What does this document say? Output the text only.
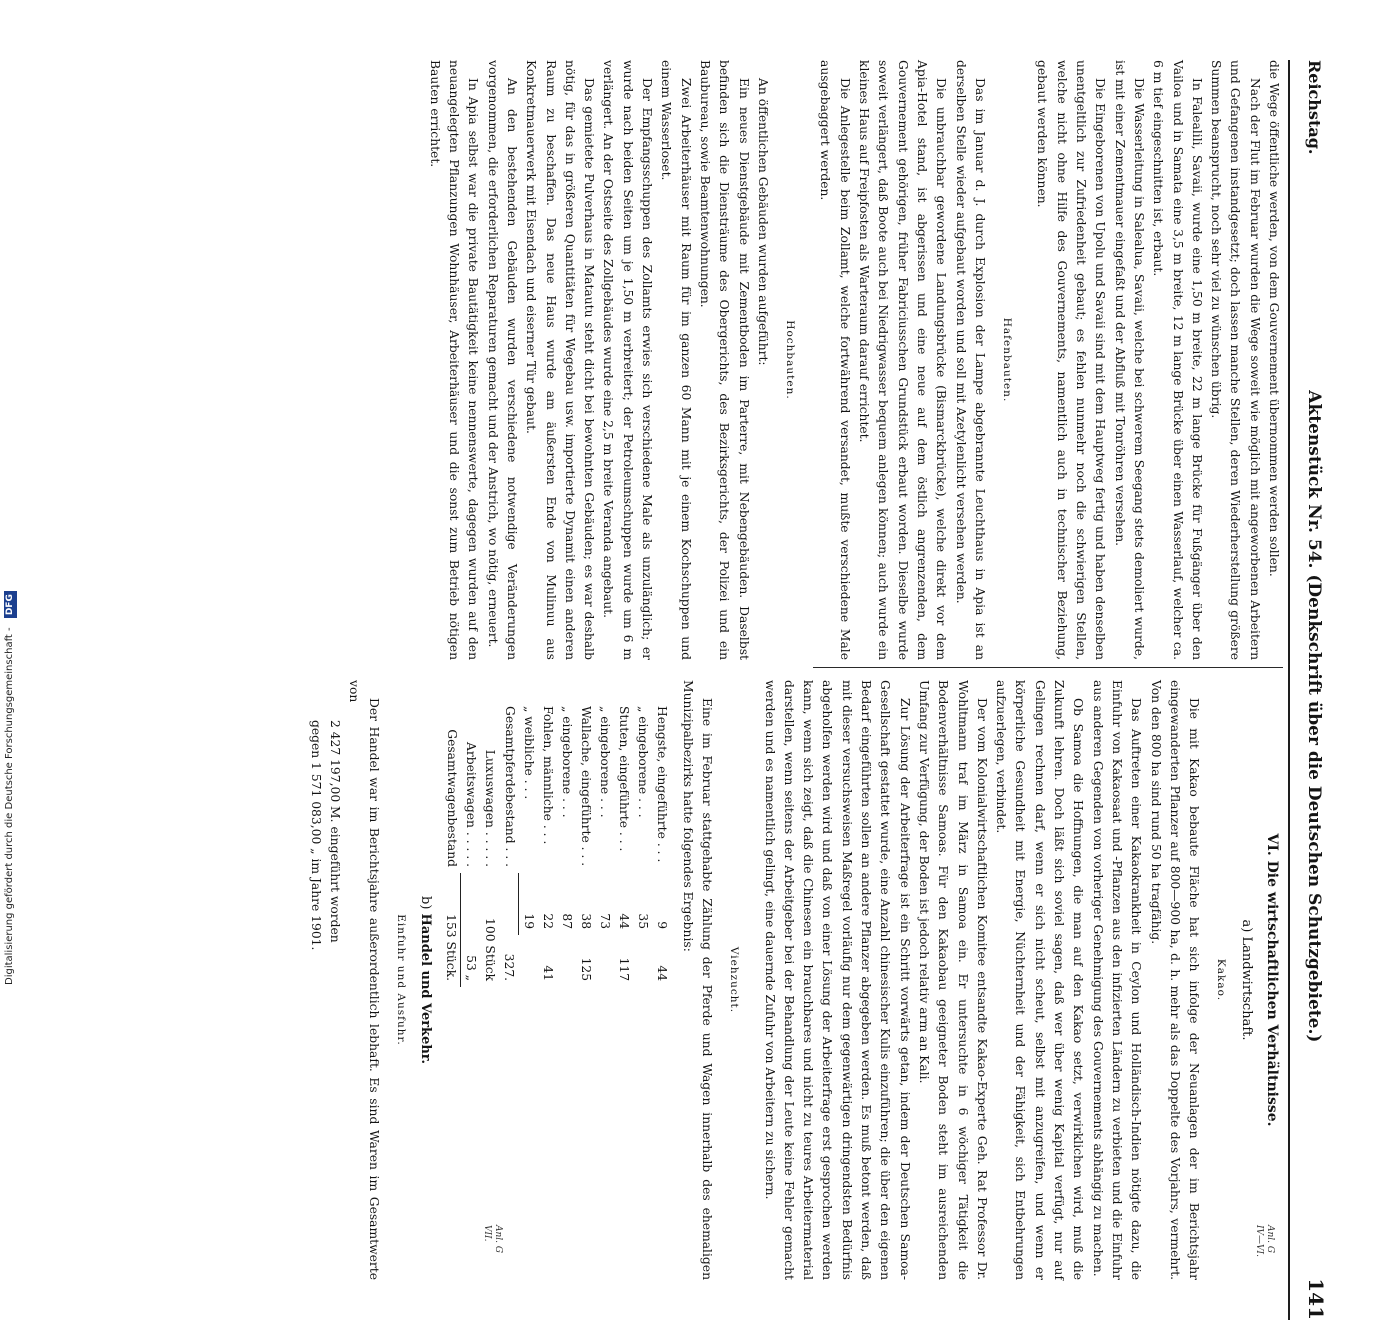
Reichstag.
Aktenstück Nr. 54. (Denkschrift über die Deutschen Schutzgebiete.)
141
Anl. G IV—VI.
Anl. G VII.

die Wege öffentliche werden, von dem Gouvernement übernommen werden sollen.

Nach der Flut im Februar wurden die Wege soweit wie möglich mit angeworbenen Arbeitern und Gefangenen instandgesetzt; doch lassen manche Stellen, deren Wiederherstellung größere Summen beansprucht, noch sehr viel zu wünschen übrig.

In Falealili, Savaii, wurde eine 1,50 m breite, 22 m lange Brücke für Fußgänger über den Vailoa und in Samata eine 3,5 m breite, 12 m lange Brücke über einen Wasserlauf, welcher ca. 6 m tief eingeschnitten ist, erbaut.

Die Wasserleitung in Salealua, Savaii, welche bei schwerem Seegang stets demoliert wurde, ist mit einer Zementmauer eingefaßt und der Abfluß mit Tonröhren versehen.

Die Eingeborenen von Upolu und Savaii sind mit dem Hauptweg fertig und haben denselben unentgeltlich zur Zufriedenheit gebaut; es fehlen nunmehr noch die schwierigen Stellen, welche nicht ohne Hilfe des Gouvernements, namentlich auch in technischer Beziehung, gebaut werden können.

Hafenbauten.

Das im Januar d. J. durch Explosion der Lampe abgebrannte Leuchthaus in Apia ist an derselben Stelle wieder aufgebaut worden und soll mit Azetylenlicht versehen werden.

Die unbrauchbar gewordene Landungsbrücke (Bismarckbrücke), welche direkt vor dem Apia-Hotel stand, ist abgerissen und eine neue auf dem östlich angrenzenden, dem Gouvernement gehörigen, früher Fabriciusschen Grundstück erbaut worden. Dieselbe wurde soweit verlängert, daß Boote auch bei Niedrigwasser bequem anlegen können; auch wurde ein kleines Haus auf Freipfosten als Warteraum darauf errichtet.

Die Anlegestelle beim Zollamt, welche fortwährend versandet, mußte verschiedene Male ausgebaggert werden.

Hochbauten.

An öffentlichen Gebäuden wurden aufgeführt:

Ein neues Dienstgebäude mit Zementboden im Parterre, mit Nebengebäuden. Daselbst befinden sich die Diensträume des Obergerichts, des Bezirksgerichts, der Polizei und ein Baubureau, sowie Beamtenwohnungen.

Zwei Arbeiterhäuser mit Raum für im ganzen 60 Mann mit je einem Kochschuppen und einem Wasserloset.

Der Empfangsschuppen des Zollamts erwies sich verschiedene Male als unzulänglich; er wurde nach beiden Seiten um je 1,50 m verbreitert; der Petroleumschuppen wurde um 6 m verlängert. An der Ostseite des Zollgebäudes wurde eine 2,5 m breite Veranda angebaut.

Das gemietete Pulverhaus in Matautu steht dicht bei bewohnten Gebäuden; es war deshalb nötig, für das in größeren Quantitäten für Wegebau usw. importierte Dynamit einen anderen Raum zu beschaffen. Das neue Haus wurde am äußersten Ende von Mulinuu aus Konkretmauerwerk mit Eisendach und eiserner Tür gebaut.

An den bestehenden Gebäuden wurden verschiedene notwendige Veränderungen vorgenommen, die erforderlichen Reparaturen gemacht und der Anstrich, wo nötig, erneuert.

In Apia selbst war die private Bautätigkeit keine nennenswerte, dagegen wurden auf den neuangelegten Pflanzungen Wohnhäuser, Arbeiterhäuser und die sonst zum Betrieb nötigen Bauten errichtet.

VI. Die wirtschaftlichen Verhältnisse.
a) Landwirtschaft.
Kakao.

Die mit Kakao bebaute Fläche hat sich infolge der Neuanlagen der im Berichtsjahr eingewanderten Pflanzer auf 800—900 ha, d. h. mehr als das Doppelte des Vorjahrs, vermehrt. Von den 800 ha sind rund 50 ha tragfähig.

Das Auftreten einer Kakaokrankheit in Ceylon und Holländisch-Indien nötigte dazu, die Einfuhr von Kakaosaat und -Pflanzen aus den infizierten Ländern zu verbieten und die Einfuhr aus anderen Gegenden von vorheriger Genehmigung des Gouvernements abhängig zu machen.

Ob Samoa die Hoffnungen, die man auf den Kakao setzt, verwirklichen wird, muß die Zukunft lehren. Doch läßt sich soviel sagen, daß wer über wenig Kapital verfügt, nur auf Gelingen rechnen darf, wenn er sich nicht scheut, selbst mit anzugreifen, und wenn er körperliche Gesundheit mit Energie, Nüchternheit und der Fähigkeit, sich Entbehrungen aufzuerlegen, verbindet.

Der vom Kolonialwirtschaftlichen Komitee entsandte Kakao-Experte Geh. Rat Professor Dr. Wohltmann traf im März in Samoa ein. Er untersuchte in 6 wöchiger Tätigkeit die Bodenverhältnisse Samoas. Für den Kakaobau geeigneter Boden steht im ausreichenden Umfang zur Verfügung, der Boden ist jedoch relativ arm an Kali.

Zur Lösung der Arbeiterfrage ist ein Schritt vorwärts getan, indem der Deutschen Samoa-Gesellschaft gestattet wurde, eine Anzahl chinesischer Kulis einzuführen; die über den eigenen Bedarf eingeführten sollen an andere Pflanzer abgegeben werden. Es muß betont werden, daß mit dieser versuchsweisen Maßregel vorläufig nur dem gegenwärtigen dringendsten Bedürfnis abgeholfen werden wird und daß von einer Lösung der Arbeiterfrage erst gesprochen werden kann, wenn sich zeigt, daß die Chinesen ein brauchbares und nicht zu teures Arbeitermaterial darstellen, wenn seitens der Arbeitgeber bei der Behandlung der Leute keine Fehler gemacht werden und es namentlich gelingt, eine dauernde Zufuhr von Arbeitern zu sichern.

Viehzucht.

Eine im Februar stattgehabte Zählung der Pferde und Wagen innerhalb des ehemaligen Munizipalbezirks hatte folgendes Ergebnis:

Hengste, eingeführte . . .	9	44
„ eingeborene . . .	35	
Stuten, eingeführte . . .	44	117
„ eingeborene . . .	73	
Wallache, eingeführte . . .	38	125
„ eingeborene . . .	87	
Fohlen, männliche . . .	22	41
„ weibliche . . .	19	
Gesamtpferdebestand . . .	327.	
Luxuswagen . . . . .	100 Stück	
Arbeitswagen . . . . .	53 „	
Gesamtwagenbestand	153 Stück.	
b) Handel und Verkehr.
Einfuhr und Ausfuhr.

Der Handel war im Berichtsjahre außerordentlich lebhaft. Es sind Waren im Gesamtwerte von

2 427 197,00 M. eingeführt worden
gegen 1 571 083,00 „ im Jahre 1901.
Digitalisierung gefördert durch die Deutsche Forschungsgemeinschaft - DFG
